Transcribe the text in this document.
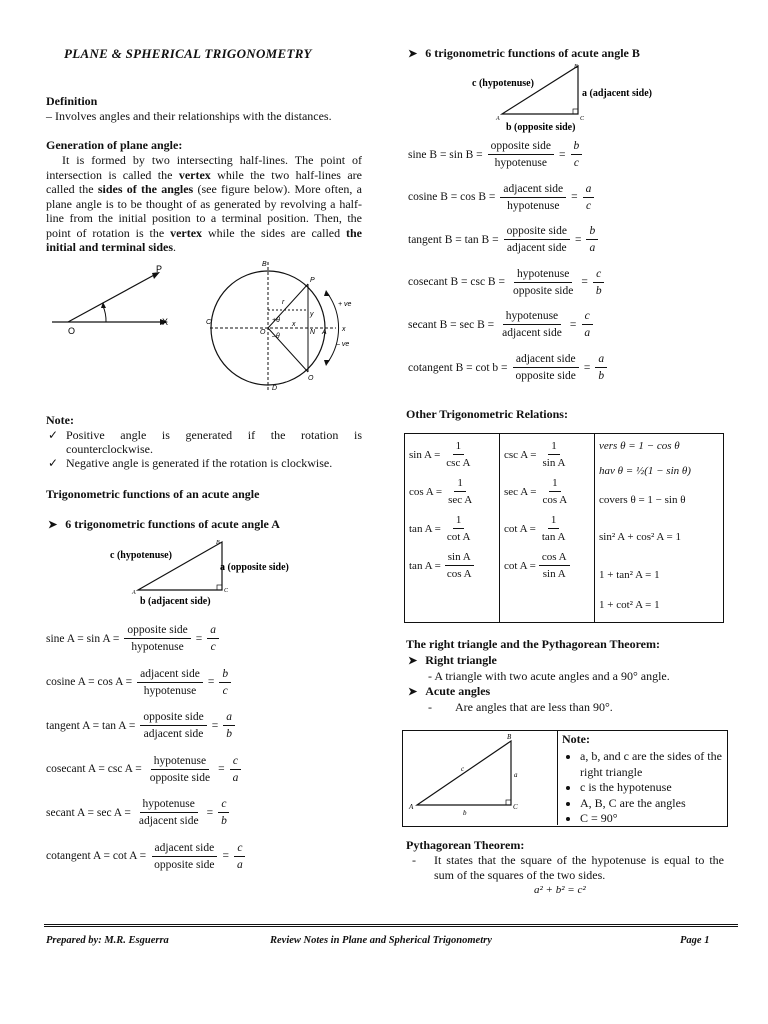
PLANE & SPHERICAL TRIGONOMETRY
Definition
– Involves angles and their relationships with the distances.
Generation of plane angle:
It is formed by two intersecting half-lines. The point of intersection is called the vertex while the two half-lines are called the sides of the angles (see figure below). More often, a plane angle is to be thought of as generated by revolving a half-line from the initial position to a terminal position. Then, the point of rotation is the vertex while the sides are called the initial and terminal sides.
P
X
O
B
C
O
P
x
y
N A x
O
D
r	+ ve
– ve
+θ
–θ
Note:
✓ Positive angle is generated if the rotation is counterclockwise.
✓ Negative angle is generated if the rotation is clockwise.
Trigonometric functions of an acute angle
➤ 6 trigonometric functions of acute angle A
B
A	C
c (hypotenuse)
a (opposite side)
b (adjacent side)
sine $A = \sin A = \frac{\text{opposite side}}{\text{hypotenuse}} = \frac{a}{c}$
cosine $A = \cos A = \frac{\text{adjacent side}}{\text{hypotenuse}} = \frac{b}{c}$
tangent $A = \tan A = \frac{\text{opposite side}}{\text{adjacent side}} = \frac{a}{b}$
cosecant $A = \csc A = \frac{\text{hypotenuse}}{\text{opposite side}} = \frac{c}{a}$
secant $A = \sec A = \frac{\text{hypotenuse}}{\text{adjacent side}} = \frac{c}{b}$
cotangent $A = \cot A = \frac{\text{adjacent side}}{\text{opposite side}} = \frac{c}{a}$
➤ 6 trigonometric functions of acute angle B
B
A	C
c (hypotenuse)
a (adjacent side)
b (opposite side)
sine $B = \sin B = \frac{\text{opposite side}}{\text{hypotenuse}} = \frac{b}{c}$
cosine $B = \cos B = \frac{\text{adjacent side}}{\text{hypotenuse}} = \frac{a}{c}$
tangent $B = \tan B = \frac{\text{opposite side}}{\text{adjacent side}} = \frac{b}{a}$
cosecant $B = \csc B = \frac{\text{hypotenuse}}{\text{opposite side}} = \frac{c}{b}$
secant $B = \sec B = \frac{\text{hypotenuse}}{\text{adjacent side}} = \frac{c}{a}$
cotangent $B = \cot b = \frac{\text{adjacent side}}{\text{opposite side}} = \frac{a}{b}$
Other Trigonometric Relations:
$\sin A = \frac{1}{\text{csc A}}$
$\cos A = \frac{1}{\text{sec A}}$
$\tan A = \frac{1}{\text{cot A}}$
$\tan A = \frac{\text{sin A}}{\text{cos A}}$

$\csc A = \frac{1}{\text{sin A}}$
$\sec A = \frac{1}{\text{cos A}}$
$\cot A = \frac{1}{\text{tan A}}$
$\cot A = \frac{\text{cos A}}{\text{sin A}}$

vers θ = 1 − cos θ
hav θ = ½(1 − sin θ)
covers θ = 1 − sin θ
sin² A + cos² A = 1
1 + tan² A = 1
1 + cot² A = 1
The right triangle and the Pythagorean Theorem:
➤ Right triangle
- A triangle with two acute angles and a 90° angle.
➤ Acute angles
- Are angles that are less than 90°.
B
A	C
a
b
c
Note:
• a, b, and c are the sides of the right triangle
• c is the hypotenuse
• A, B, C are the angles
• C = 90°
Pythagorean Theorem:
- It states that the square of the hypotenuse is equal to the sum of the squares of the two sides.
a² + b² = c²
Prepared by: M.R. Esguerra	Review Notes in Plane and Spherical Trigonometry	Page 1
